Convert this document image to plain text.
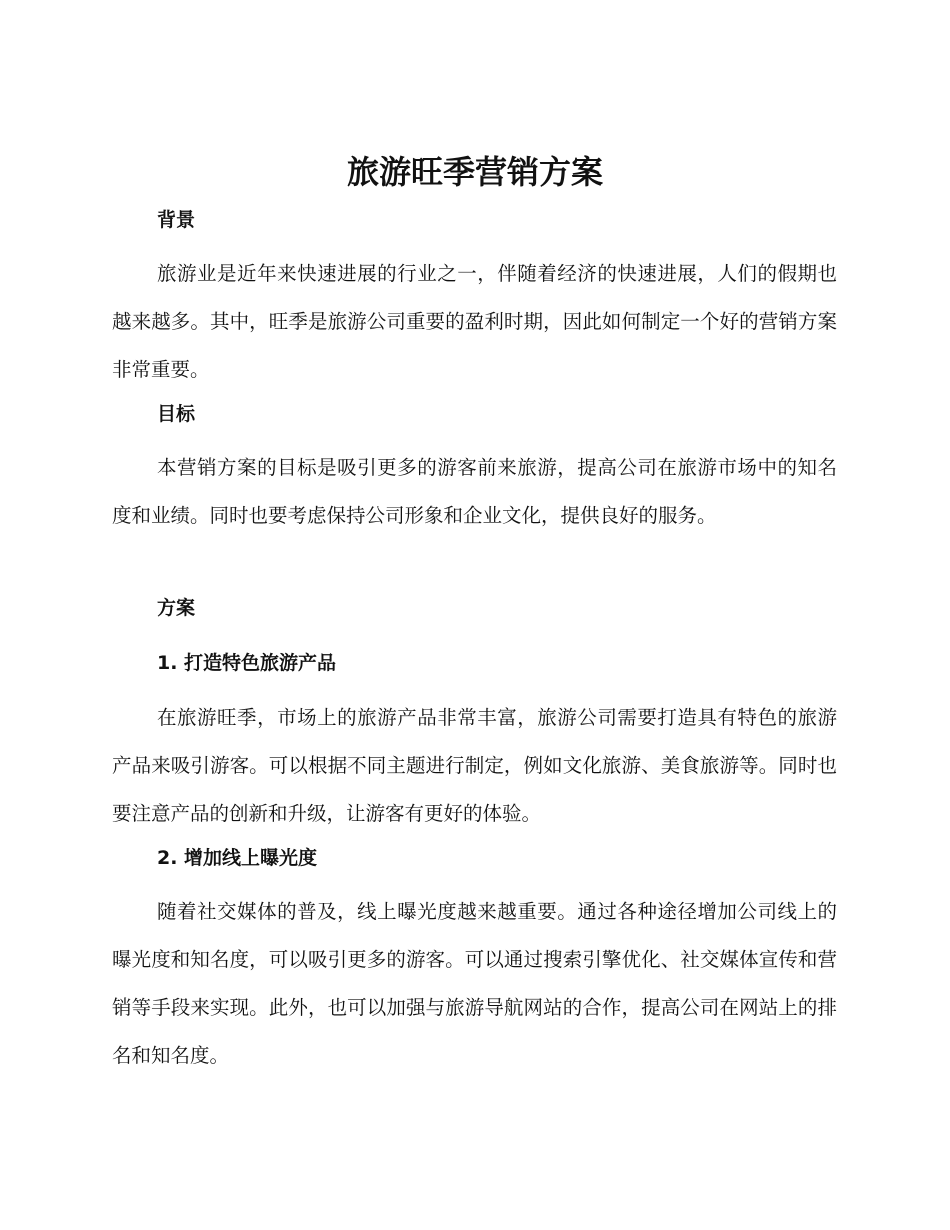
旅游旺季营销方案
背景

旅游业是近年来快速进展的行业之一，伴随着经济的快速进展，人们的假期也越来越多。其中，旺季是旅游公司重要的盈利时期，因此如何制定一个好的营销方案非常重要。

目标

本营销方案的目标是吸引更多的游客前来旅游，提高公司在旅游市场中的知名度和业绩。同时也要考虑保持公司形象和企业文化，提供良好的服务。

方案
1. 打造特色旅游产品

在旅游旺季，市场上的旅游产品非常丰富，旅游公司需要打造具有特色的旅游产品来吸引游客。可以根据不同主题进行制定，例如文化旅游、美食旅游等。同时也要注意产品的创新和升级，让游客有更好的体验。

2. 增加线上曝光度

随着社交媒体的普及，线上曝光度越来越重要。通过各种途径增加公司线上的曝光度和知名度，可以吸引更多的游客。可以通过搜索引擎优化、社交媒体宣传和营销等手段来实现。此外，也可以加强与旅游导航网站的合作，提高公司在网站上的排名和知名度。
